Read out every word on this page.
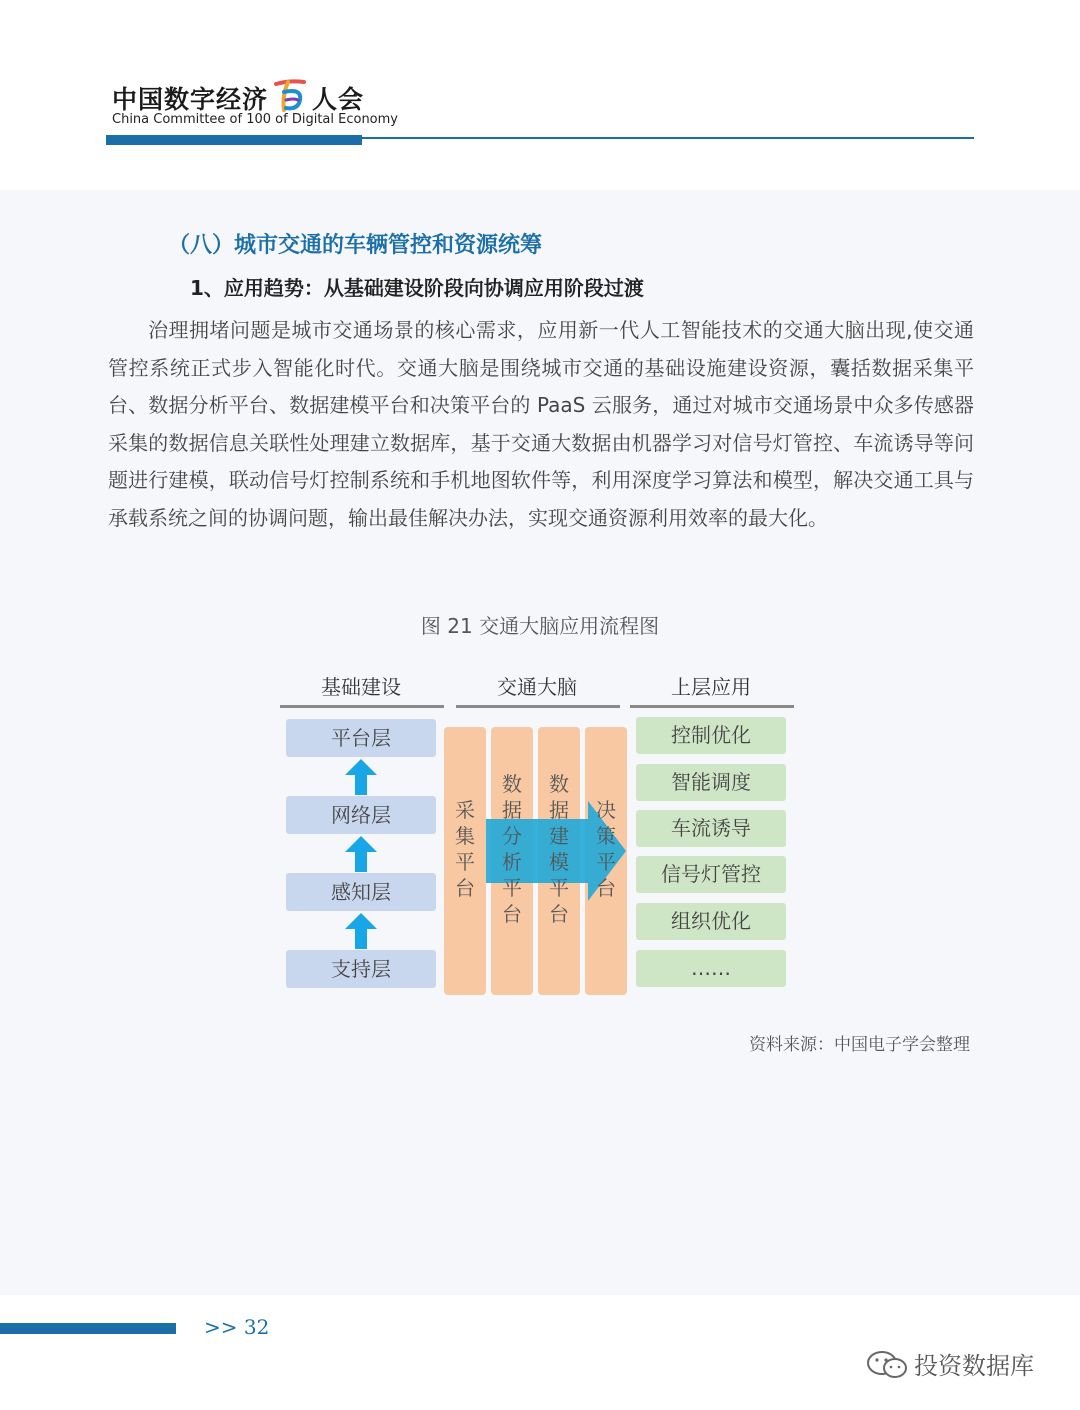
中国数字经济 人会
China Committee of 100 of Digital Economy
（八）城市交通的车辆管控和资源统筹
1、应用趋势：从基础建设阶段向协调应用阶段过渡

治理拥堵问题是城市交通场景的核心需求，应用新一代人工智能技术的交通大脑出现,使交通管控系统正式步入智能化时代。交通大脑是围绕城市交通的基础设施建设资源，囊括数据采集平台、数据分析平台、数据建模平台和决策平台的 PaaS 云服务，通过对城市交通场景中众多传感器采集的数据信息关联性处理建立数据库，基于交通大数据由机器学习对信号灯管控、车流诱导等问题进行建模，联动信号灯控制系统和手机地图软件等，利用深度学习算法和模型，解决交通工具与承载系统之间的协调问题，输出最佳解决办法，实现交通资源利用效率的最大化。

图 21 交通大脑应用流程图
基础建设	交通大脑	上层应用
平台层
网络层
感知层
支持层
采
集
平
台
数
据
分
析
平
台
数
据
建
模
平
台
决
策
平
台
控制优化
智能调度
车流诱导
信号灯管控
组织优化
……
资料来源：中国电子学会整理
>> 32
投资数据库
